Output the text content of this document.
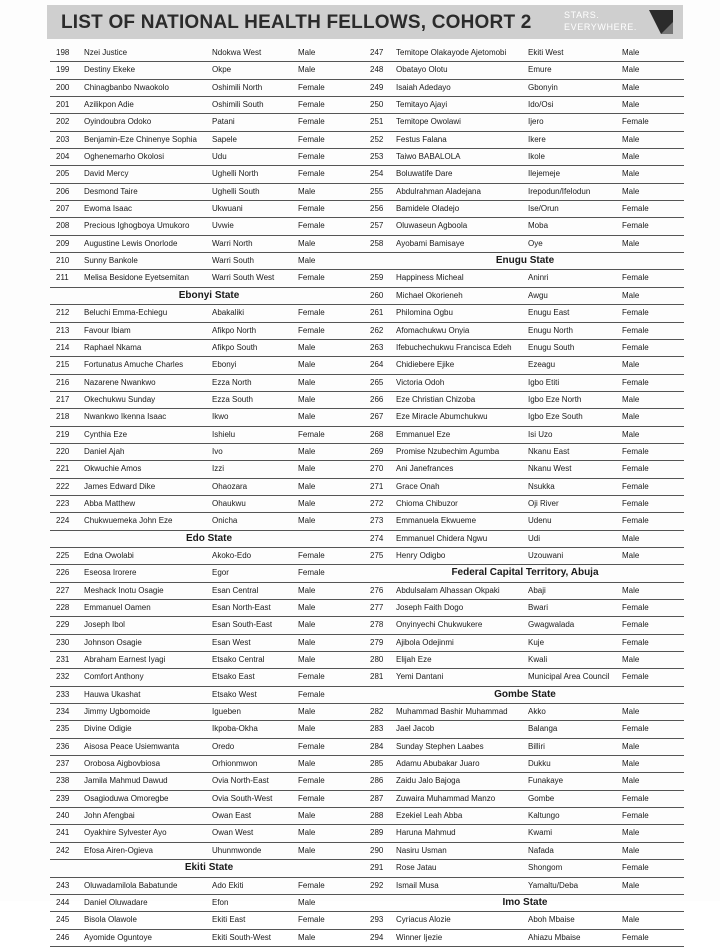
LIST OF NATIONAL HEALTH FELLOWS, COHORT 2	STARS.
EVERYWHERE.
198	Nzei Justice	Ndokwa West	Male
199	Destiny Ekeke	Okpe	Male
200	Chinagbanbo Nwaokolo	Oshimili North	Female
201	Azilikpon Adie	Oshimili South	Female
202	Oyindoubra Odoko	Patani	Female
203	Benjamin-Eze Chinenye Sophia	Sapele	Female
204	Oghenemarho Okolosi	Udu	Female
205	David Mercy	Ughelli North	Female
206	Desmond Taire	Ughelli South	Male
207	Ewoma Isaac	Ukwuani	Female
208	Precious Ighogboya Umukoro	Uvwie	Female
209	Augustine Lewis Onorlode	Warri North	Male
210	Sunny Bankole	Warri South	Male
211	Melisa Besidone Eyetsemitan	Warri South West	Female
Ebonyi State
212	Beluchi Emma-Echiegu	Abakaliki	Female
213	Favour Ibiam	Afikpo North	Female
214	Raphael Nkama	Afikpo South	Male
215	Fortunatus Amuche Charles	Ebonyi	Male
216	Nazarene Nwankwo	Ezza North	Male
217	Okechukwu Sunday	Ezza South	Male
218	Nwankwo Ikenna Isaac	Ikwo	Male
219	Cynthia Eze	Ishielu	Female
220	Daniel Ajah	Ivo	Male
221	Okwuchie Amos	Izzi	Male
222	James Edward Dike	Ohaozara	Male
223	Abba Matthew	Ohaukwu	Male
224	Chukwuemeka John Eze	Onicha	Male
Edo State
225	Edna Owolabi	Akoko-Edo	Female
226	Eseosa Irorere	Egor	Female
227	Meshack Inotu Osagie	Esan Central	Male
228	Emmanuel Oamen	Esan North-East	Male
229	Joseph Ibol	Esan South-East	Male
230	Johnson Osagie	Esan West	Male
231	Abraham Earnest Iyagi	Etsako Central	Male
232	Comfort Anthony	Etsako East	Female
233	Hauwa Ukashat	Etsako West	Female
234	Jimmy Ugbomoide	Igueben	Male
235	Divine Odigie	Ikpoba-Okha	Male
236	Aisosa Peace Usiemwanta	Oredo	Female
237	Orobosa Aigbovbiosa	Orhionmwon	Male
238	Jamila Mahmud Dawud	Ovia North-East	Female
239	Osagioduwa Omoregbe	Ovia South-West	Female
240	John Afengbai	Owan East	Male
241	Oyakhire Sylvester Ayo	Owan West	Male
242	Efosa Airen-Ogieva	Uhunmwonde	Male
Ekiti State
243	Oluwadamilola Babatunde	Ado Ekiti	Female
244	Daniel Oluwadare	Efon	Male
245	Bisola Olawole	Ekiti East	Female
246	Ayomide Oguntoye	Ekiti South-West	Male
247	Temitope Olakayode Ajetomobi	Ekiti West	Male
248	Obatayo Olotu	Emure	Male
249	Isaiah Adedayo	Gbonyin	Male
250	Temitayo Ajayi	Ido/Osi	Male
251	Temitope Owolawi	Ijero	Female
252	Festus Falana	Ikere	Male
253	Taiwo BABALOLA	Ikole	Male
254	Boluwatife Dare	Ilejemeje	Male
255	Abdulrahman Aladejana	Irepodun/Ifelodun	Male
256	Bamidele Oladejo	Ise/Orun	Female
257	Oluwaseun Agboola	Moba	Female
258	Ayobami Bamisaye	Oye	Male
Enugu State
259	Happiness Micheal	Aninri	Female
260	Michael Okorieneh	Awgu	Male
261	Philomina Ogbu	Enugu East	Female
262	Afomachukwu Onyia	Enugu North	Female
263	Ifebuchechukwu Francisca Edeh	Enugu South	Female
264	Chidiebere Ejike	Ezeagu	Male
265	Victoria Odoh	Igbo Etiti	Female
266	Eze Christian Chizoba	Igbo Eze North	Male
267	Eze Miracle Abumchukwu	Igbo Eze South	Male
268	Emmanuel Eze	Isi Uzo	Male
269	Promise Nzubechim Agumba	Nkanu East	Female
270	Ani Janefrances	Nkanu West	Female
271	Grace Onah	Nsukka	Female
272	Chioma Chibuzor	Oji River	Female
273	Emmanuela Ekwueme	Udenu	Female
274	Emmanuel Chidera Ngwu	Udi	Male
275	Henry Odigbo	Uzouwani	Male
Federal Capital Territory, Abuja
276	Abdulsalam Alhassan Okpaki	Abaji	Male
277	Joseph Faith Dogo	Bwari	Female
278	Onyinyechi Chukwukere	Gwagwalada	Female
279	Ajibola Odejinmi	Kuje	Female
280	Elijah Eze	Kwali	Male
281	Yemi Dantani	Municipal Area Council	Female
Gombe State
282	Muhammad Bashir Muhammad	Akko	Male
283	Jael Jacob	Balanga	Female
284	Sunday Stephen Laabes	Billiri	Male
285	Adamu Abubakar Juaro	Dukku	Male
286	Zaidu Jalo Bajoga	Funakaye	Male
287	Zuwaira Muhammad Manzo	Gombe	Female
288	Ezekiel Leah Abba	Kaltungo	Female
289	Haruna Mahmud	Kwami	Male
290	Nasiru Usman	Nafada	Male
291	Rose Jatau	Shongom	Female
292	Ismail Musa	Yamaltu/Deba	Male
Imo State
293	Cyriacus Alozie	Aboh Mbaise	Male
294	Winner Ijezie	Ahiazu Mbaise	Female
